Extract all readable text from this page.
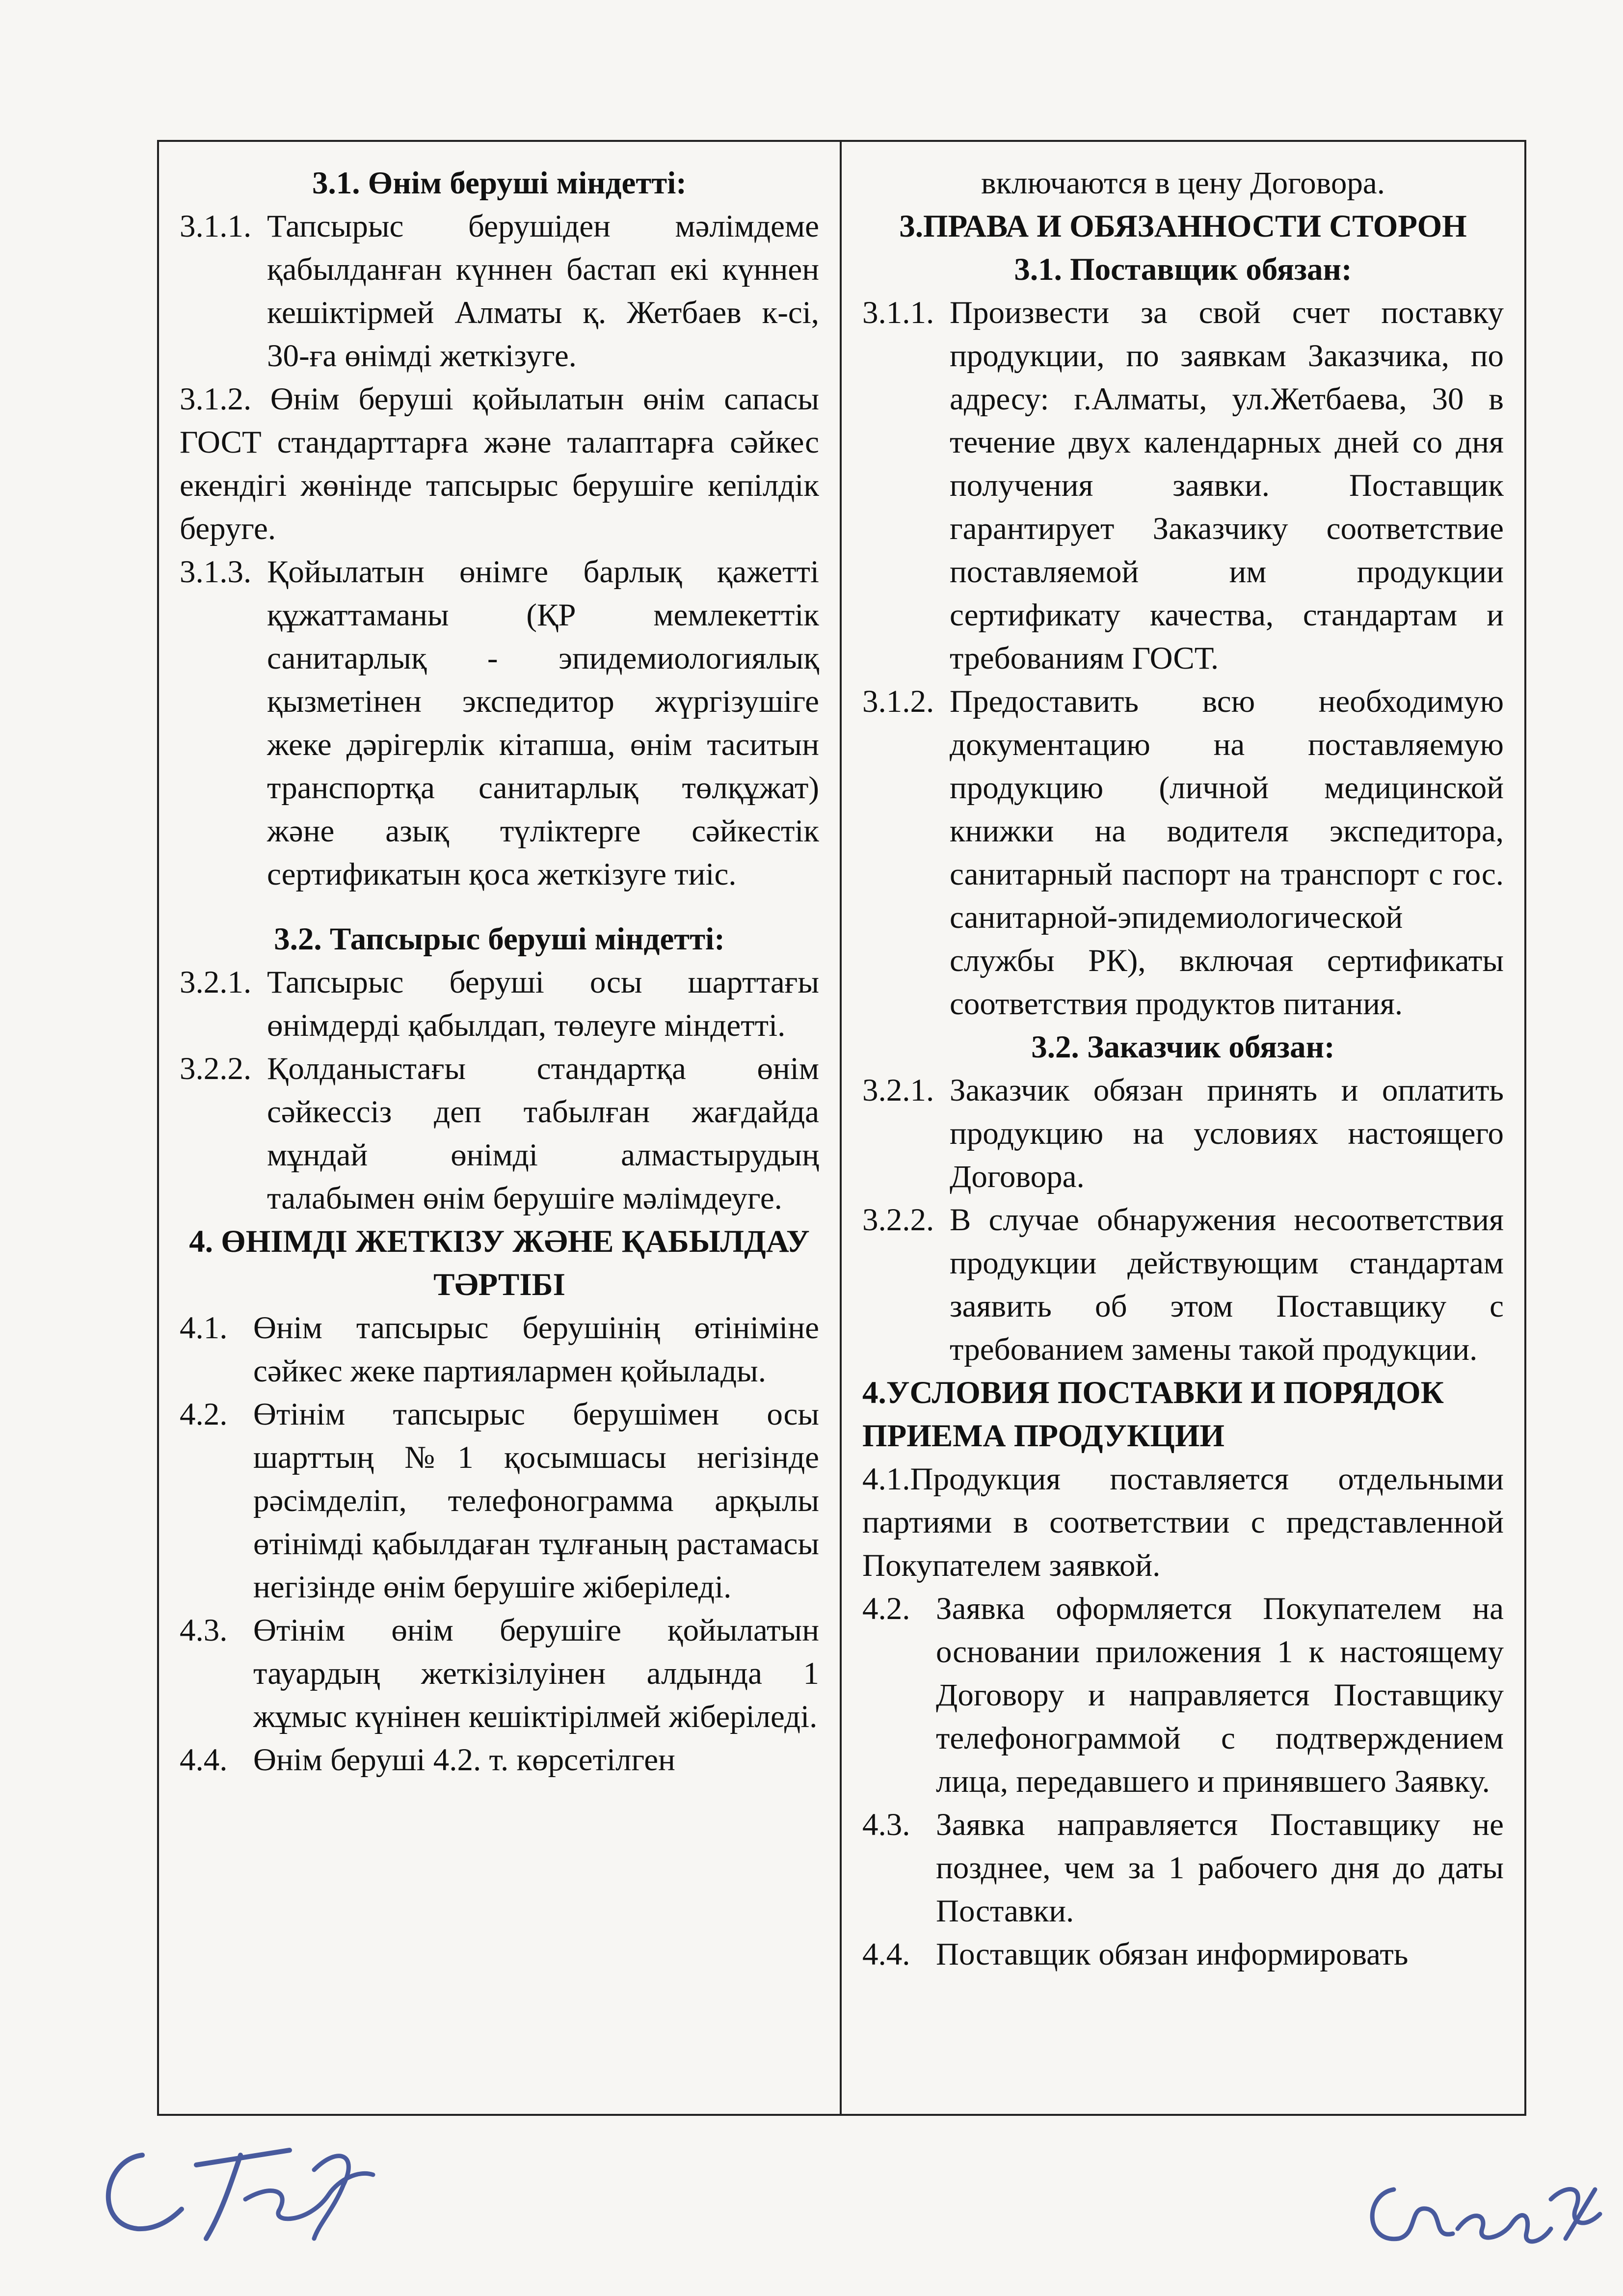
3.1. Өнім беруші міндетті:

3.1.1. Тапсырыс берушіден мәлімдеме қабылданған күннен бастап екі күннен кешіктірмей Алматы қ. Жетбаев к-сі, 30-ға өнімді жеткізуге.

3.1.2. Өнім беруші қойылатын өнім сапасы ГОСТ стандарттарға және талаптарға сәйкес екендігі жөнінде тапсырыс берушіге кепілдік беруге.

3.1.3. Қойылатын өнімге барлық қажетті құжаттаманы (ҚР мемлекеттік санитарлық - эпидемиологиялық қызметінен экспедитор жүргізушіге жеке дәрігерлік кітапша, өнім таситын транспортқа санитарлық төлқұжат) және азық түліктерге сәйкестік сертификатын қоса жеткізуге тиіс.

3.2. Тапсырыс беруші міндетті:

3.2.1. Тапсырыс беруші осы шарттағы өнімдерді қабылдап, төлеуге міндетті.
3.2.2. Қолданыстағы стандартқа өнім сәйкессіз деп табылған жағдайда мұндай өнімді алмастырудың талабымен өнім берушіге мәлімдеуге.

4. ӨНІМДІ ЖЕТКІЗУ ЖӘНЕ ҚАБЫЛДАУ ТӘРТІБІ

4.1. Өнім тапсырыс берушінің өтініміне сәйкес жеке партиялармен қойылады.
4.2. Өтінім тапсырыс берушімен осы шарттың №1 қосымшасы негізінде рәсімделіп, телефонограмма арқылы өтінімді қабылдаған тұлғаның растамасы негізінде өнім берушіге жіберіледі.
4.3. Өтінім өнім берушіге қойылатын тауардың жеткізілуінен алдында 1 жұмыс күнінен кешіктірілмей жіберіледі.
4.4. Өнім беруші 4.2. т. көрсетілген

включаются в цену Договора.

3.ПРАВА И ОБЯЗАННОСТИ СТОРОН

3.1. Поставщик обязан:

3.1.1. Произвести за свой счет поставку продукции, по заявкам Заказчика, по адресу: г.Алматы, ул.Жетбаева, 30 в течение двух календарных дней со дня получения заявки. Поставщик гарантирует Заказчику соответствие поставляемой им продукции сертификату качества, стандартам и требованиям ГОСТ.
3.1.2. Предоставить всю необходимую документацию на поставляемую продукцию (личной медицинской книжки на водителя экспедитора, санитарный паспорт на транспорт с гос. санитарной-эпидемиологической службы РК), включая сертификаты соответствия продуктов питания.

3.2. Заказчик обязан:

3.2.1. Заказчик обязан принять и оплатить продукцию на условиях настоящего Договора.
3.2.2. В случае обнаружения несоответствия продукции действующим стандартам заявить об этом Поставщику с требованием замены такой продукции.

4.УСЛОВИЯ ПОСТАВКИ И ПОРЯДОК ПРИЕМА ПРОДУКЦИИ

4.1.Продукция поставляется отдельными партиями в соответствии с представленной Покупателем заявкой.

4.2. Заявка оформляется Покупателем на основании приложения 1 к настоящему Договору и направляется Поставщику телефонограммой с подтверждением лица, передавшего и принявшего Заявку.
4.3. Заявка направляется Поставщику не позднее, чем за 1 рабочего дня до даты Поставки.
4.4. Поставщик обязан информировать
